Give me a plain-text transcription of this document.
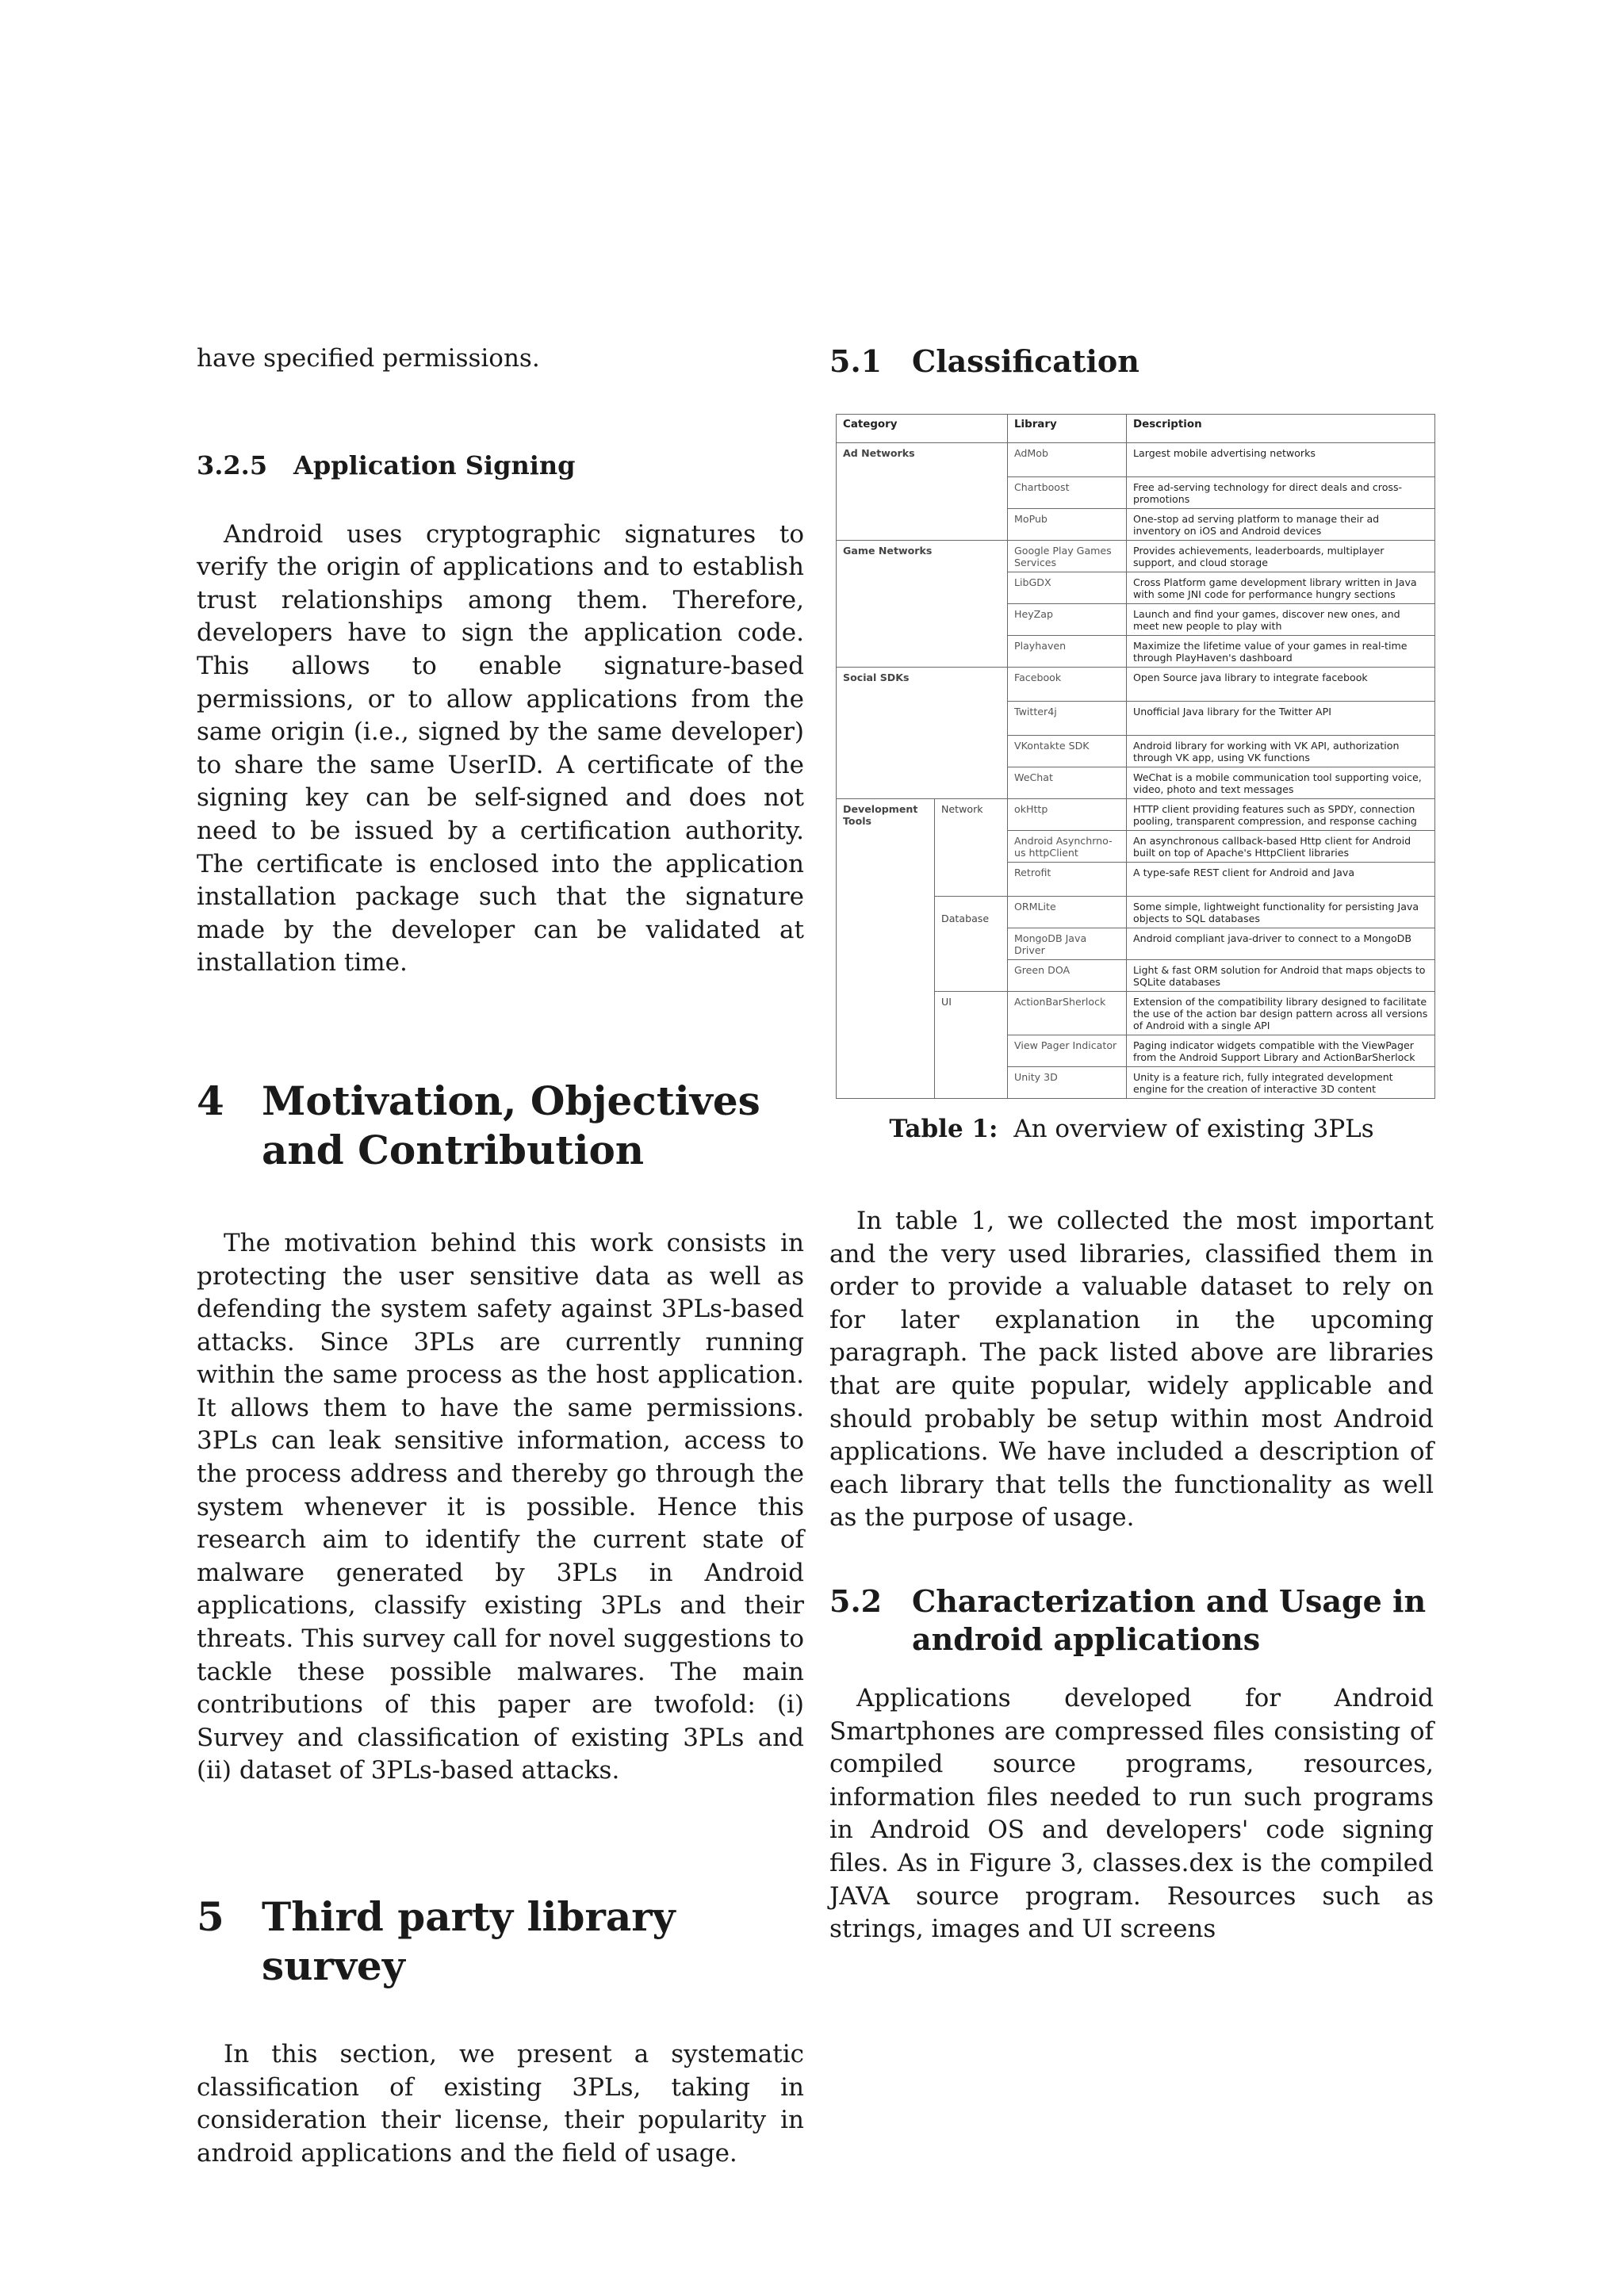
have specified permissions.

3.2.5 Application Signing

Android uses cryptographic signatures to verify the origin of applications and to establish trust relationships among them. Therefore, developers have to sign the application code. This allows to enable signature-based permissions, or to allow applications from the same origin (i.e., signed by the same developer) to share the same UserID. A certificate of the signing key can be self-signed and does not need to be issued by a certification authority. The certificate is enclosed into the application installation package such that the signature made by the developer can be validated at installation time.

4 Motivation, Objectives and Contribution

The motivation behind this work consists in protecting the user sensitive data as well as defending the system safety against 3PLs-based attacks. Since 3PLs are currently running within the same process as the host application. It allows them to have the same permissions. 3PLs can leak sensitive information, access to the process address and thereby go through the system whenever it is possible. Hence this research aim to identify the current state of malware generated by 3PLs in Android applications, classify existing 3PLs and their threats. This survey call for novel suggestions to tackle these possible malwares. The main contributions of this paper are twofold: (i) Survey and classification of existing 3PLs and (ii) dataset of 3PLs-based attacks.

5 Third party library survey

In this section, we present a systematic classification of existing 3PLs, taking in consideration their license, their popularity in android applications and the field of usage.

5.1 Classification
Category		Library	Description
Ad Networks		AdMob	Largest mobile advertising networks
		Chartboost	Free ad-serving technology for direct deals and cross-promotions
		MoPub	One-stop ad serving platform to manage their ad inventory on iOS and Android devices
Game Networks		Google Play Games Services	Provides achievements, leaderboards, multiplayer support, and cloud storage
		LibGDX	Cross Platform game development library written in Java with some JNI code for performance hungry sections
		HeyZap	Launch and find your games, discover new ones, and meet new people to play with
		Playhaven	Maximize the lifetime value of your games in real-time through PlayHaven's dashboard
Social SDKs		Facebook	Open Source java library to integrate facebook
		Twitter4j	Unofficial Java library for the Twitter API
		VKontakte SDK	Android library for working with VK API, authorization through VK app, using VK functions
		WeChat	WeChat is a mobile communication tool supporting voice, video, photo and text messages
Development Tools	Network	okHttp	HTTP client providing features such as SPDY, connection pooling, transparent compression, and response caching
		Android Asynchrno-us httpClient	An asynchronous callback-based Http client for Android built on top of Apache's HttpClient libraries
		Retrofit	A type-safe REST client for Android and Java
	Database	ORMLite	Some simple, lightweight functionality for persisting Java objects to SQL databases
		MongoDB Java Driver	Android compliant java-driver to connect to a MongoDB
		Green DOA	Light & fast ORM solution for Android that maps objects to SQLite databases
	UI	ActionBarSherlock	Extension of the compatibility library designed to facilitate the use of the action bar design pattern across all versions of Android with a single API
		View Pager Indicator	Paging indicator widgets compatible with the ViewPager from the Android Support Library and ActionBarSherlock
		Unity 3D	Unity is a feature rich, fully integrated development engine for the creation of interactive 3D content

Table 1: An overview of existing 3PLs

In table 1, we collected the most important and the very used libraries, classified them in order to provide a valuable dataset to rely on for later explanation in the upcoming paragraph. The pack listed above are libraries that are quite popular, widely applicable and should probably be setup within most Android applications. We have included a description of each library that tells the functionality as well as the purpose of usage.

5.2 Characterization and Usage in android applications

Applications developed for Android Smartphones are compressed files consisting of compiled source programs, resources, information files needed to run such programs in Android OS and developers' code signing files. As in Figure 3, classes.dex is the compiled JAVA source program. Resources such as strings, images and UI screens
